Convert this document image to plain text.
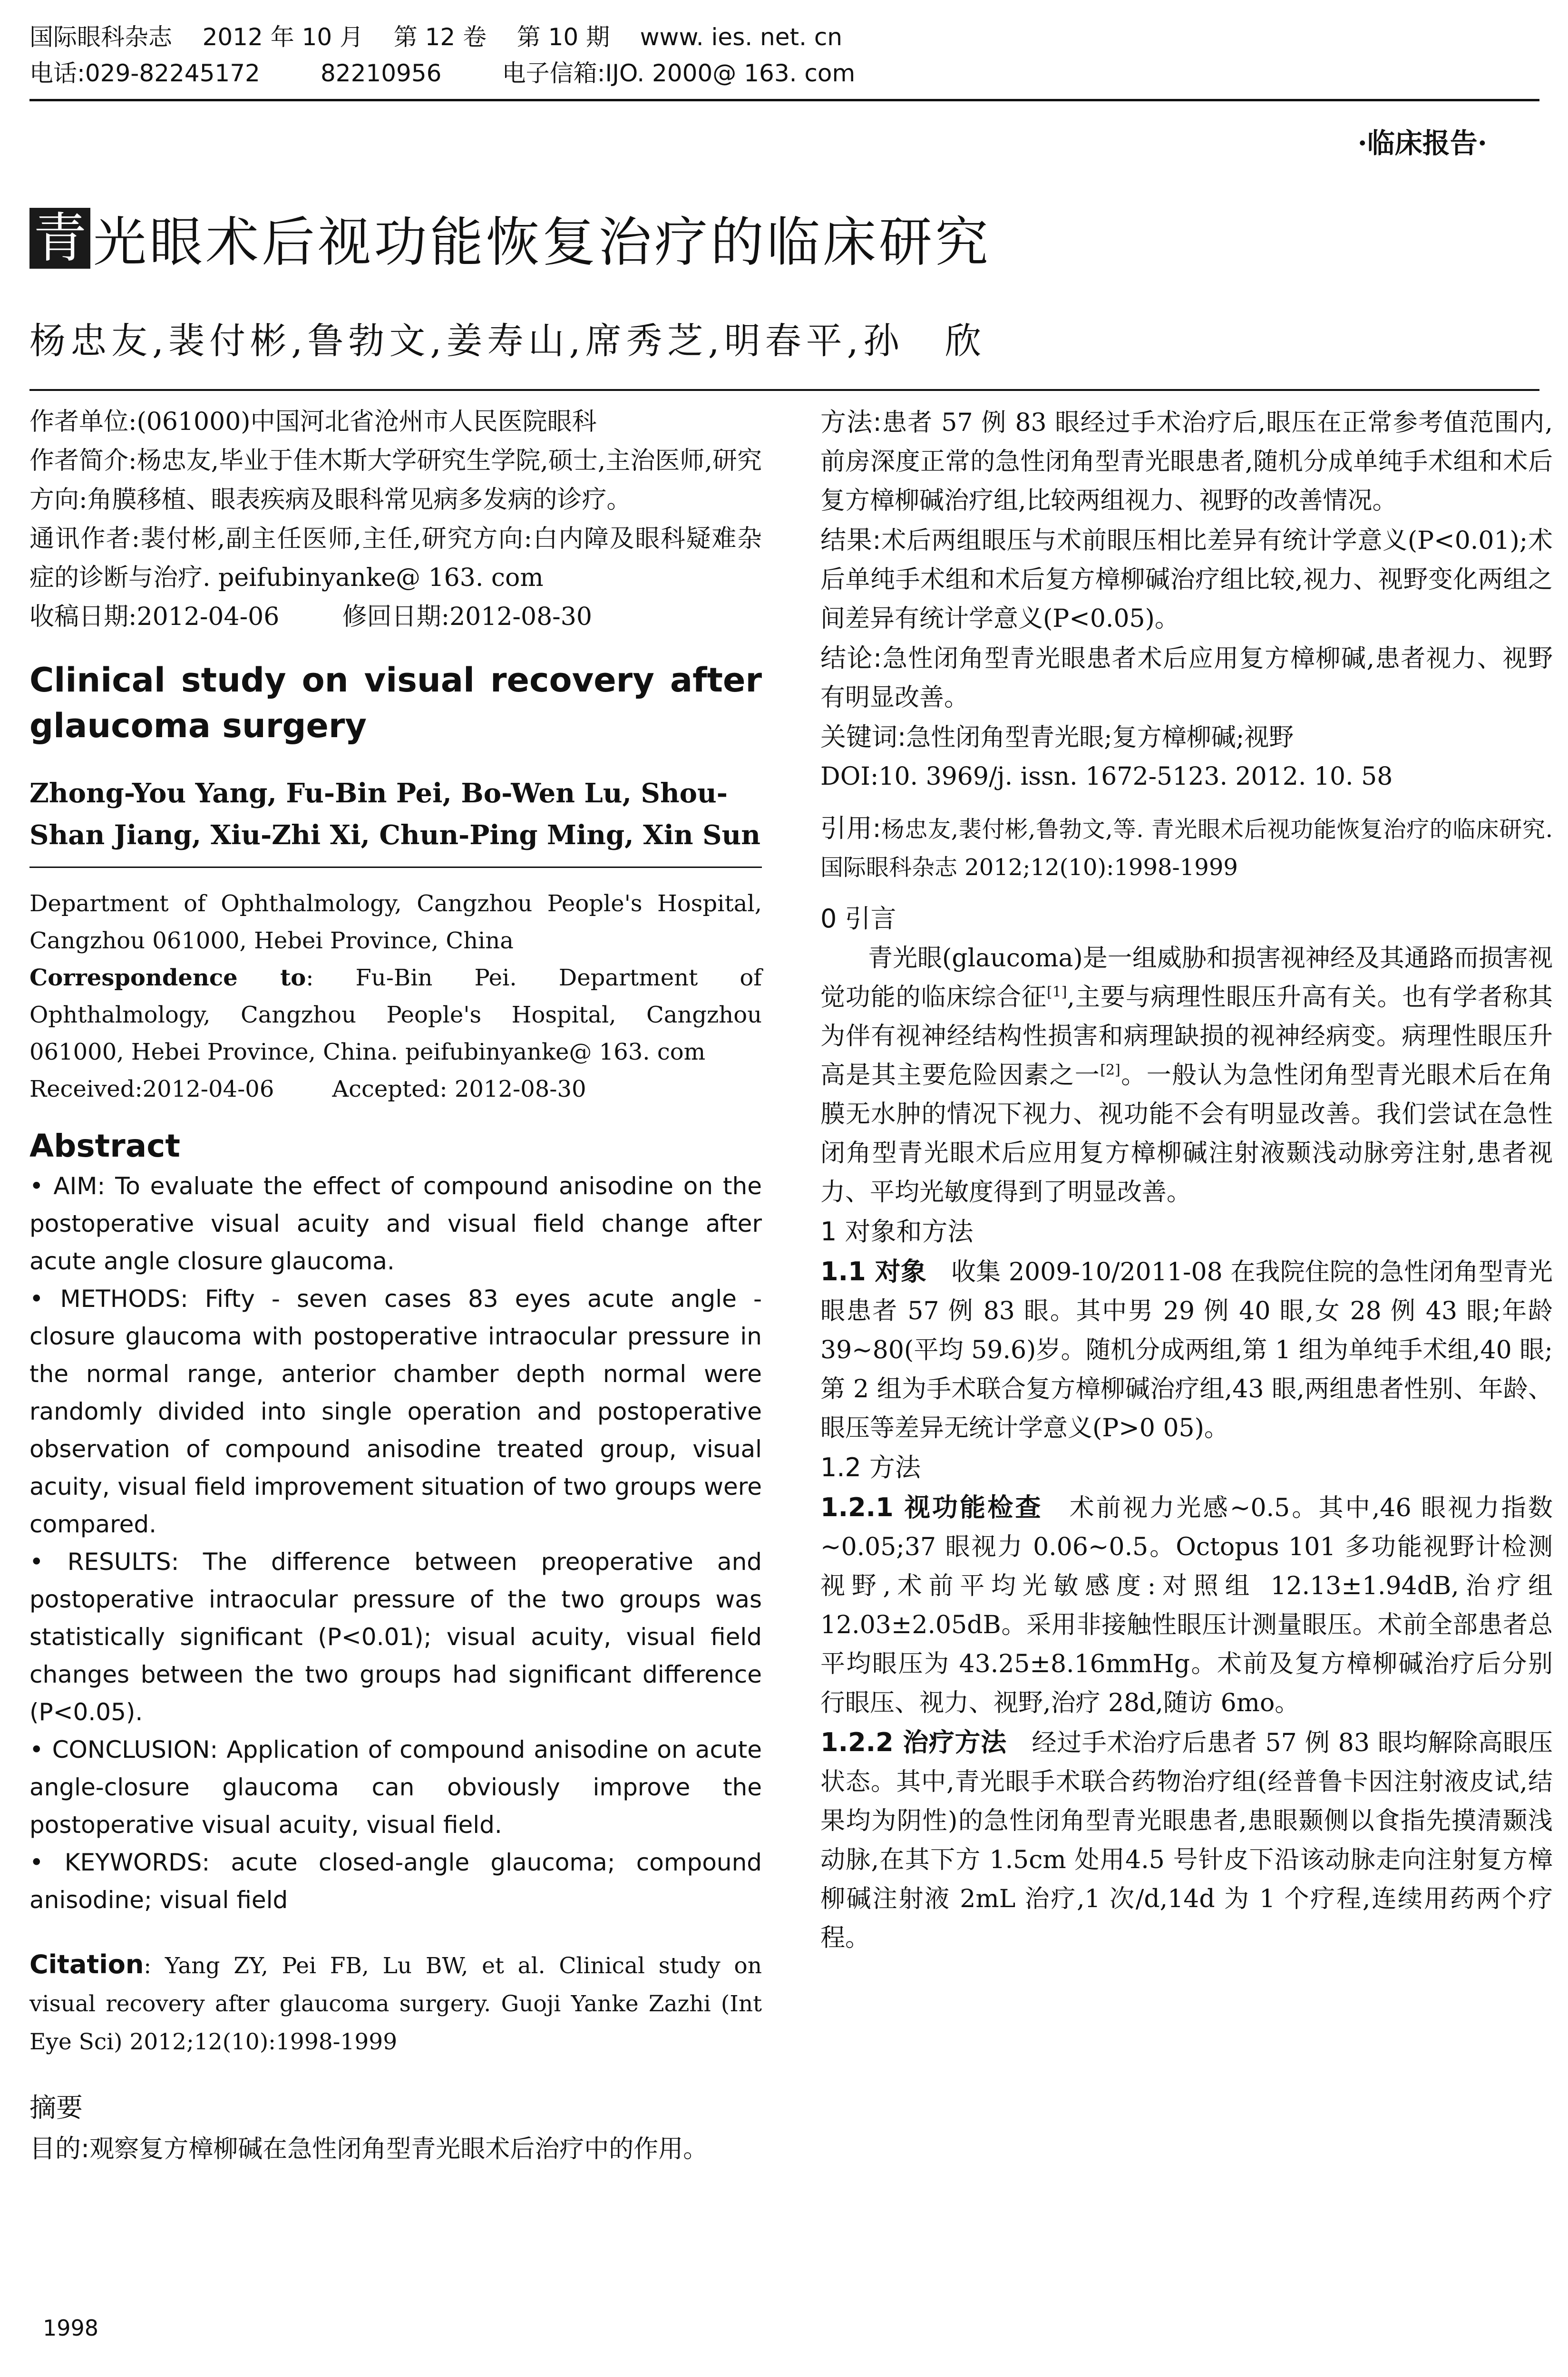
国际眼科杂志    2012 年 10 月    第 12 卷    第 10 期    www. ies. net. cn
电话:029-82245172        82210956        电子信箱:IJO. 2000@ 163. com
·临床报告·
青 光眼术后视功能恢复治疗的临床研究
杨忠友,裴付彬,鲁勃文,姜寿山,席秀芝,明春平,孙　欣

作者单位:(061000)中国河北省沧州市人民医院眼科

作者简介:杨忠友,毕业于佳木斯大学研究生学院,硕士,主治医师,研究方向:角膜移植、眼表疾病及眼科常见病多发病的诊疗。

通讯作者:裴付彬,副主任医师,主任,研究方向:白内障及眼科疑难杂症的诊断与治疗. peifubinyanke@ 163. com

收稿日期:2012-04-06        修回日期:2012-08-30

Clinical study on visual recovery after glaucoma surgery
Zhong-You Yang, Fu-Bin Pei, Bo-Wen Lu, Shou-Shan Jiang, Xiu-Zhi Xi, Chun-Ping Ming, Xin Sun

Department of Ophthalmology, Cangzhou People's Hospital, Cangzhou 061000, Hebei Province, China

Correspondence to: Fu-Bin Pei. Department of Ophthalmology, Cangzhou People's Hospital, Cangzhou 061000, Hebei Province, China. peifubinyanke@ 163. com

Received:2012-04-06        Accepted: 2012-08-30

Abstract

• AIM: To evaluate the effect of compound anisodine on the postoperative visual acuity and visual field change after acute angle closure glaucoma.

• METHODS: Fifty - seven cases 83 eyes acute angle - closure glaucoma with postoperative intraocular pressure in the normal range, anterior chamber depth normal were randomly divided into single operation and postoperative observation of compound anisodine treated group, visual acuity, visual field improvement situation of two groups were compared.

• RESULTS: The difference between preoperative and postoperative intraocular pressure of the two groups was statistically significant (P<0.01); visual acuity, visual field changes between the two groups had significant difference (P<0.05).

• CONCLUSION: Application of compound anisodine on acute angle-closure glaucoma can obviously improve the postoperative visual acuity, visual field.

• KEYWORDS: acute closed-angle glaucoma; compound anisodine; visual field

Citation: Yang ZY, Pei FB, Lu BW, et al. Clinical study on visual recovery after glaucoma surgery. Guoji Yanke Zazhi (Int Eye Sci) 2012;12(10):1998-1999

摘要

目的:观察复方樟柳碱在急性闭角型青光眼术后治疗中的作用。

方法:患者 57 例 83 眼经过手术治疗后,眼压在正常参考值范围内,前房深度正常的急性闭角型青光眼患者,随机分成单纯手术组和术后复方樟柳碱治疗组,比较两组视力、视野的改善情况。

结果:术后两组眼压与术前眼压相比差异有统计学意义(P<0.01);术后单纯手术组和术后复方樟柳碱治疗组比较,视力、视野变化两组之间差异有统计学意义(P<0.05)。

结论:急性闭角型青光眼患者术后应用复方樟柳碱,患者视力、视野有明显改善。

关键词:急性闭角型青光眼;复方樟柳碱;视野

DOI:10. 3969/j. issn. 1672-5123. 2012. 10. 58

引用:杨忠友,裴付彬,鲁勃文,等. 青光眼术后视功能恢复治疗的临床研究. 国际眼科杂志 2012;12(10):1998-1999

0 引言

青光眼(glaucoma)是一组威胁和损害视神经及其通路而损害视觉功能的临床综合征[1],主要与病理性眼压升高有关。也有学者称其为伴有视神经结构性损害和病理缺损的视神经病变。病理性眼压升高是其主要危险因素之一[2]。一般认为急性闭角型青光眼术后在角膜无水肿的情况下视力、视功能不会有明显改善。我们尝试在急性闭角型青光眼术后应用复方樟柳碱注射液颞浅动脉旁注射,患者视力、平均光敏度得到了明显改善。

1 对象和方法

1.1 对象　收集 2009-10/2011-08 在我院住院的急性闭角型青光眼患者 57 例 83 眼。其中男 29 例 40 眼,女 28 例 43 眼;年龄 39~80(平均 59.6)岁。随机分成两组,第 1 组为单纯手术组,40 眼;第 2 组为手术联合复方樟柳碱治疗组,43 眼,两组患者性别、年龄、眼压等差异无统计学意义(P>0 05)。

1.2 方法

1.2.1 视功能检查　术前视力光感~0.5。其中,46 眼视力指数~0.05;37 眼视力 0.06~0.5。Octopus 101 多功能视野计检测视野,术前平均光敏感度:对照组 12.13±1.94dB,治疗组 12.03±2.05dB。采用非接触性眼压计测量眼压。术前全部患者总平均眼压为 43.25±8.16mmHg。术前及复方樟柳碱治疗后分别行眼压、视力、视野,治疗 28d,随访 6mo。

1.2.2 治疗方法　经过手术治疗后患者 57 例 83 眼均解除高眼压状态。其中,青光眼手术联合药物治疗组(经普鲁卡因注射液皮试,结果均为阴性)的急性闭角型青光眼患者,患眼颞侧以食指先摸清颞浅动脉,在其下方 1.5cm 处用4.5 号针皮下沿该动脉走向注射复方樟柳碱注射液 2mL 治疗,1 次/d,14d 为 1 个疗程,连续用药两个疗程。

1998
